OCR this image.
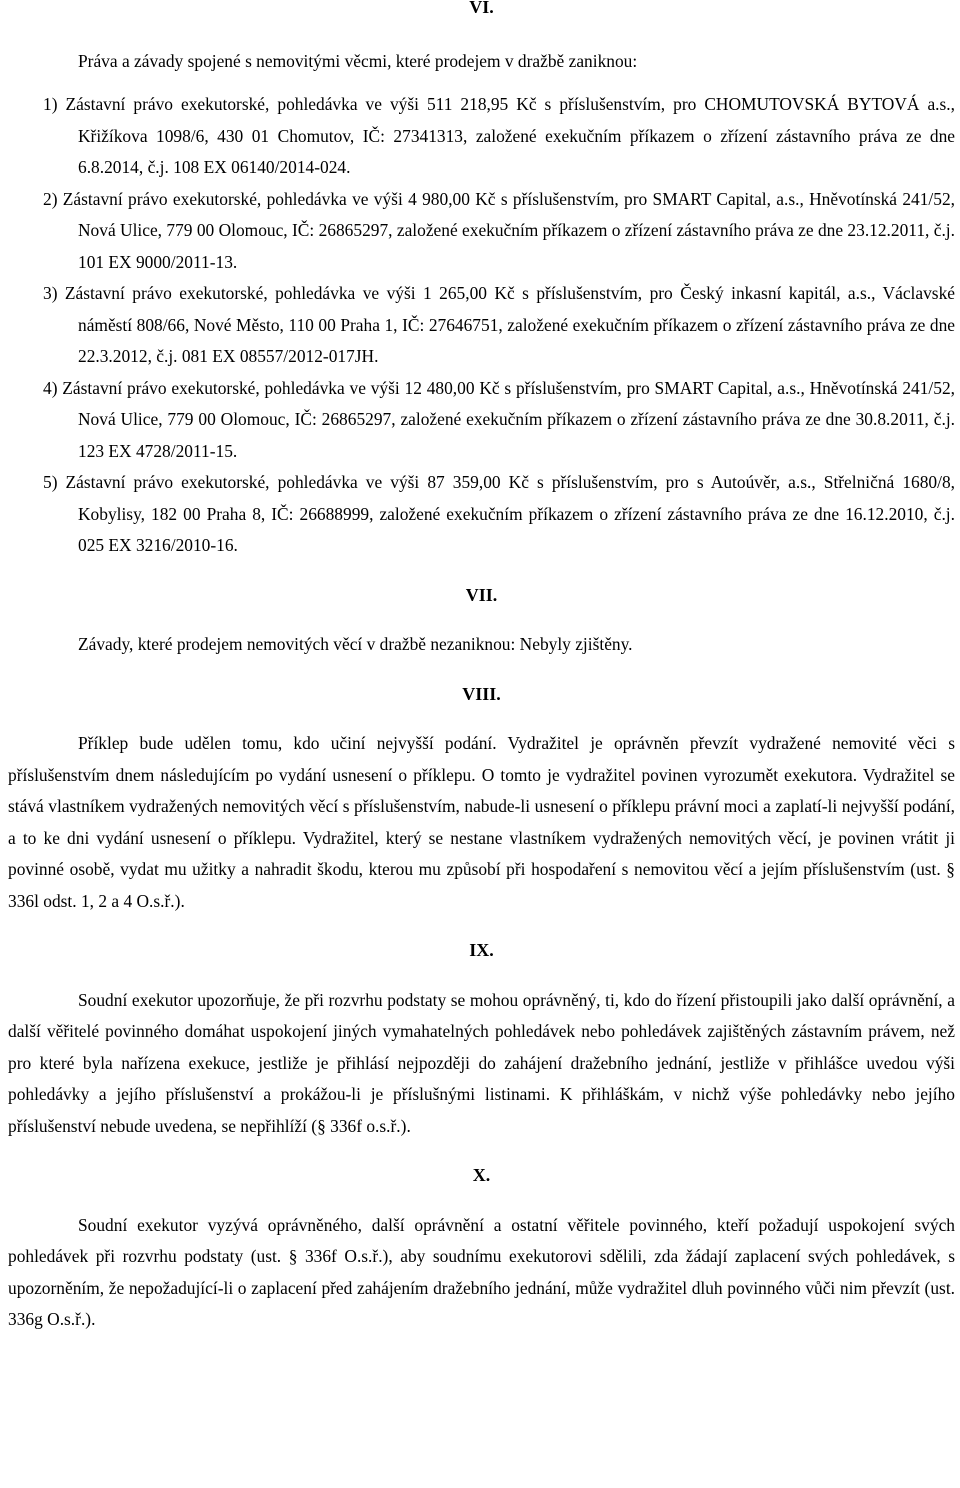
VI.

Práva a závady spojené s nemovitými věcmi, které prodejem v dražbě zaniknou:

1) Zástavní právo exekutorské, pohledávka ve výši 511 218,95 Kč s příslušenstvím, pro CHOMUTOVSKÁ BYTOVÁ a.s., Křižíkova 1098/6, 430 01 Chomutov, IČ: 27341313, založené exekučním příkazem o zřízení zástavního práva ze dne 6.8.2014, č.j. 108 EX 06140/2014-024.

2) Zástavní právo exekutorské, pohledávka ve výši 4 980,00 Kč s příslušenstvím, pro SMART Capital, a.s., Hněvotínská 241/52, Nová Ulice, 779 00 Olomouc, IČ: 26865297, založené exekučním příkazem o zřízení zástavního práva ze dne 23.12.2011, č.j. 101 EX 9000/2011-13.

3) Zástavní právo exekutorské, pohledávka ve výši 1 265,00 Kč s příslušenstvím, pro Český inkasní kapitál, a.s., Václavské náměstí 808/66, Nové Město, 110 00 Praha 1, IČ: 27646751, založené exekučním příkazem o zřízení zástavního práva ze dne 22.3.2012, č.j. 081 EX 08557/2012-017JH.

4) Zástavní právo exekutorské, pohledávka ve výši 12 480,00 Kč s příslušenstvím, pro SMART Capital, a.s., Hněvotínská 241/52, Nová Ulice, 779 00 Olomouc, IČ: 26865297, založené exekučním příkazem o zřízení zástavního práva ze dne 30.8.2011, č.j. 123 EX 4728/2011-15.

5) Zástavní právo exekutorské, pohledávka ve výši 87 359,00 Kč s příslušenstvím, pro s Autoúvěr, a.s., Střelničná 1680/8, Kobylisy, 182 00 Praha 8, IČ: 26688999, založené exekučním příkazem o zřízení zástavního práva ze dne 16.12.2010, č.j. 025 EX 3216/2010-16.

VII.

Závady, které prodejem nemovitých věcí v dražbě nezaniknou: Nebyly zjištěny.

VIII.

Příklep bude udělen tomu, kdo učiní nejvyšší podání. Vydražitel je oprávněn převzít vydražené nemovité věci s příslušenstvím dnem následujícím po vydání usnesení o příklepu. O tomto je vydražitel povinen vyrozumět exekutora. Vydražitel se stává vlastníkem vydražených nemovitých věcí s příslušenstvím, nabude-li usnesení o příklepu právní moci a zaplatí-li nejvyšší podání, a to ke dni vydání usnesení o příklepu. Vydražitel, který se nestane vlastníkem vydražených nemovitých věcí, je povinen vrátit ji povinné osobě, vydat mu užitky a nahradit škodu, kterou mu způsobí při hospodaření s nemovitou věcí a jejím příslušenstvím (ust. § 336l odst. 1, 2 a 4 O.s.ř.).

IX.

Soudní exekutor upozorňuje, že při rozvrhu podstaty se mohou oprávněný, ti, kdo do řízení přistoupili jako další oprávnění, a další věřitelé povinného domáhat uspokojení jiných vymahatelných pohledávek nebo pohledávek zajištěných zástavním právem, než pro které byla nařízena exekuce, jestliže je přihlásí nejpozději do zahájení dražebního jednání, jestliže v přihlášce uvedou výši pohledávky a jejího příslušenství a prokážou-li je příslušnými listinami. K přihláškám, v nichž výše pohledávky nebo jejího příslušenství nebude uvedena, se nepřihlíží (§ 336f o.s.ř.).

X.

Soudní exekutor vyzývá oprávněného, další oprávnění a ostatní věřitele povinného, kteří požadují uspokojení svých pohledávek při rozvrhu podstaty (ust. § 336f O.s.ř.), aby soudnímu exekutorovi sdělili, zda žádají zaplacení svých pohledávek, s upozorněním, že nepožadující-li o zaplacení před zahájením dražebního jednání, může vydražitel dluh povinného vůči nim převzít (ust. 336g O.s.ř.).
